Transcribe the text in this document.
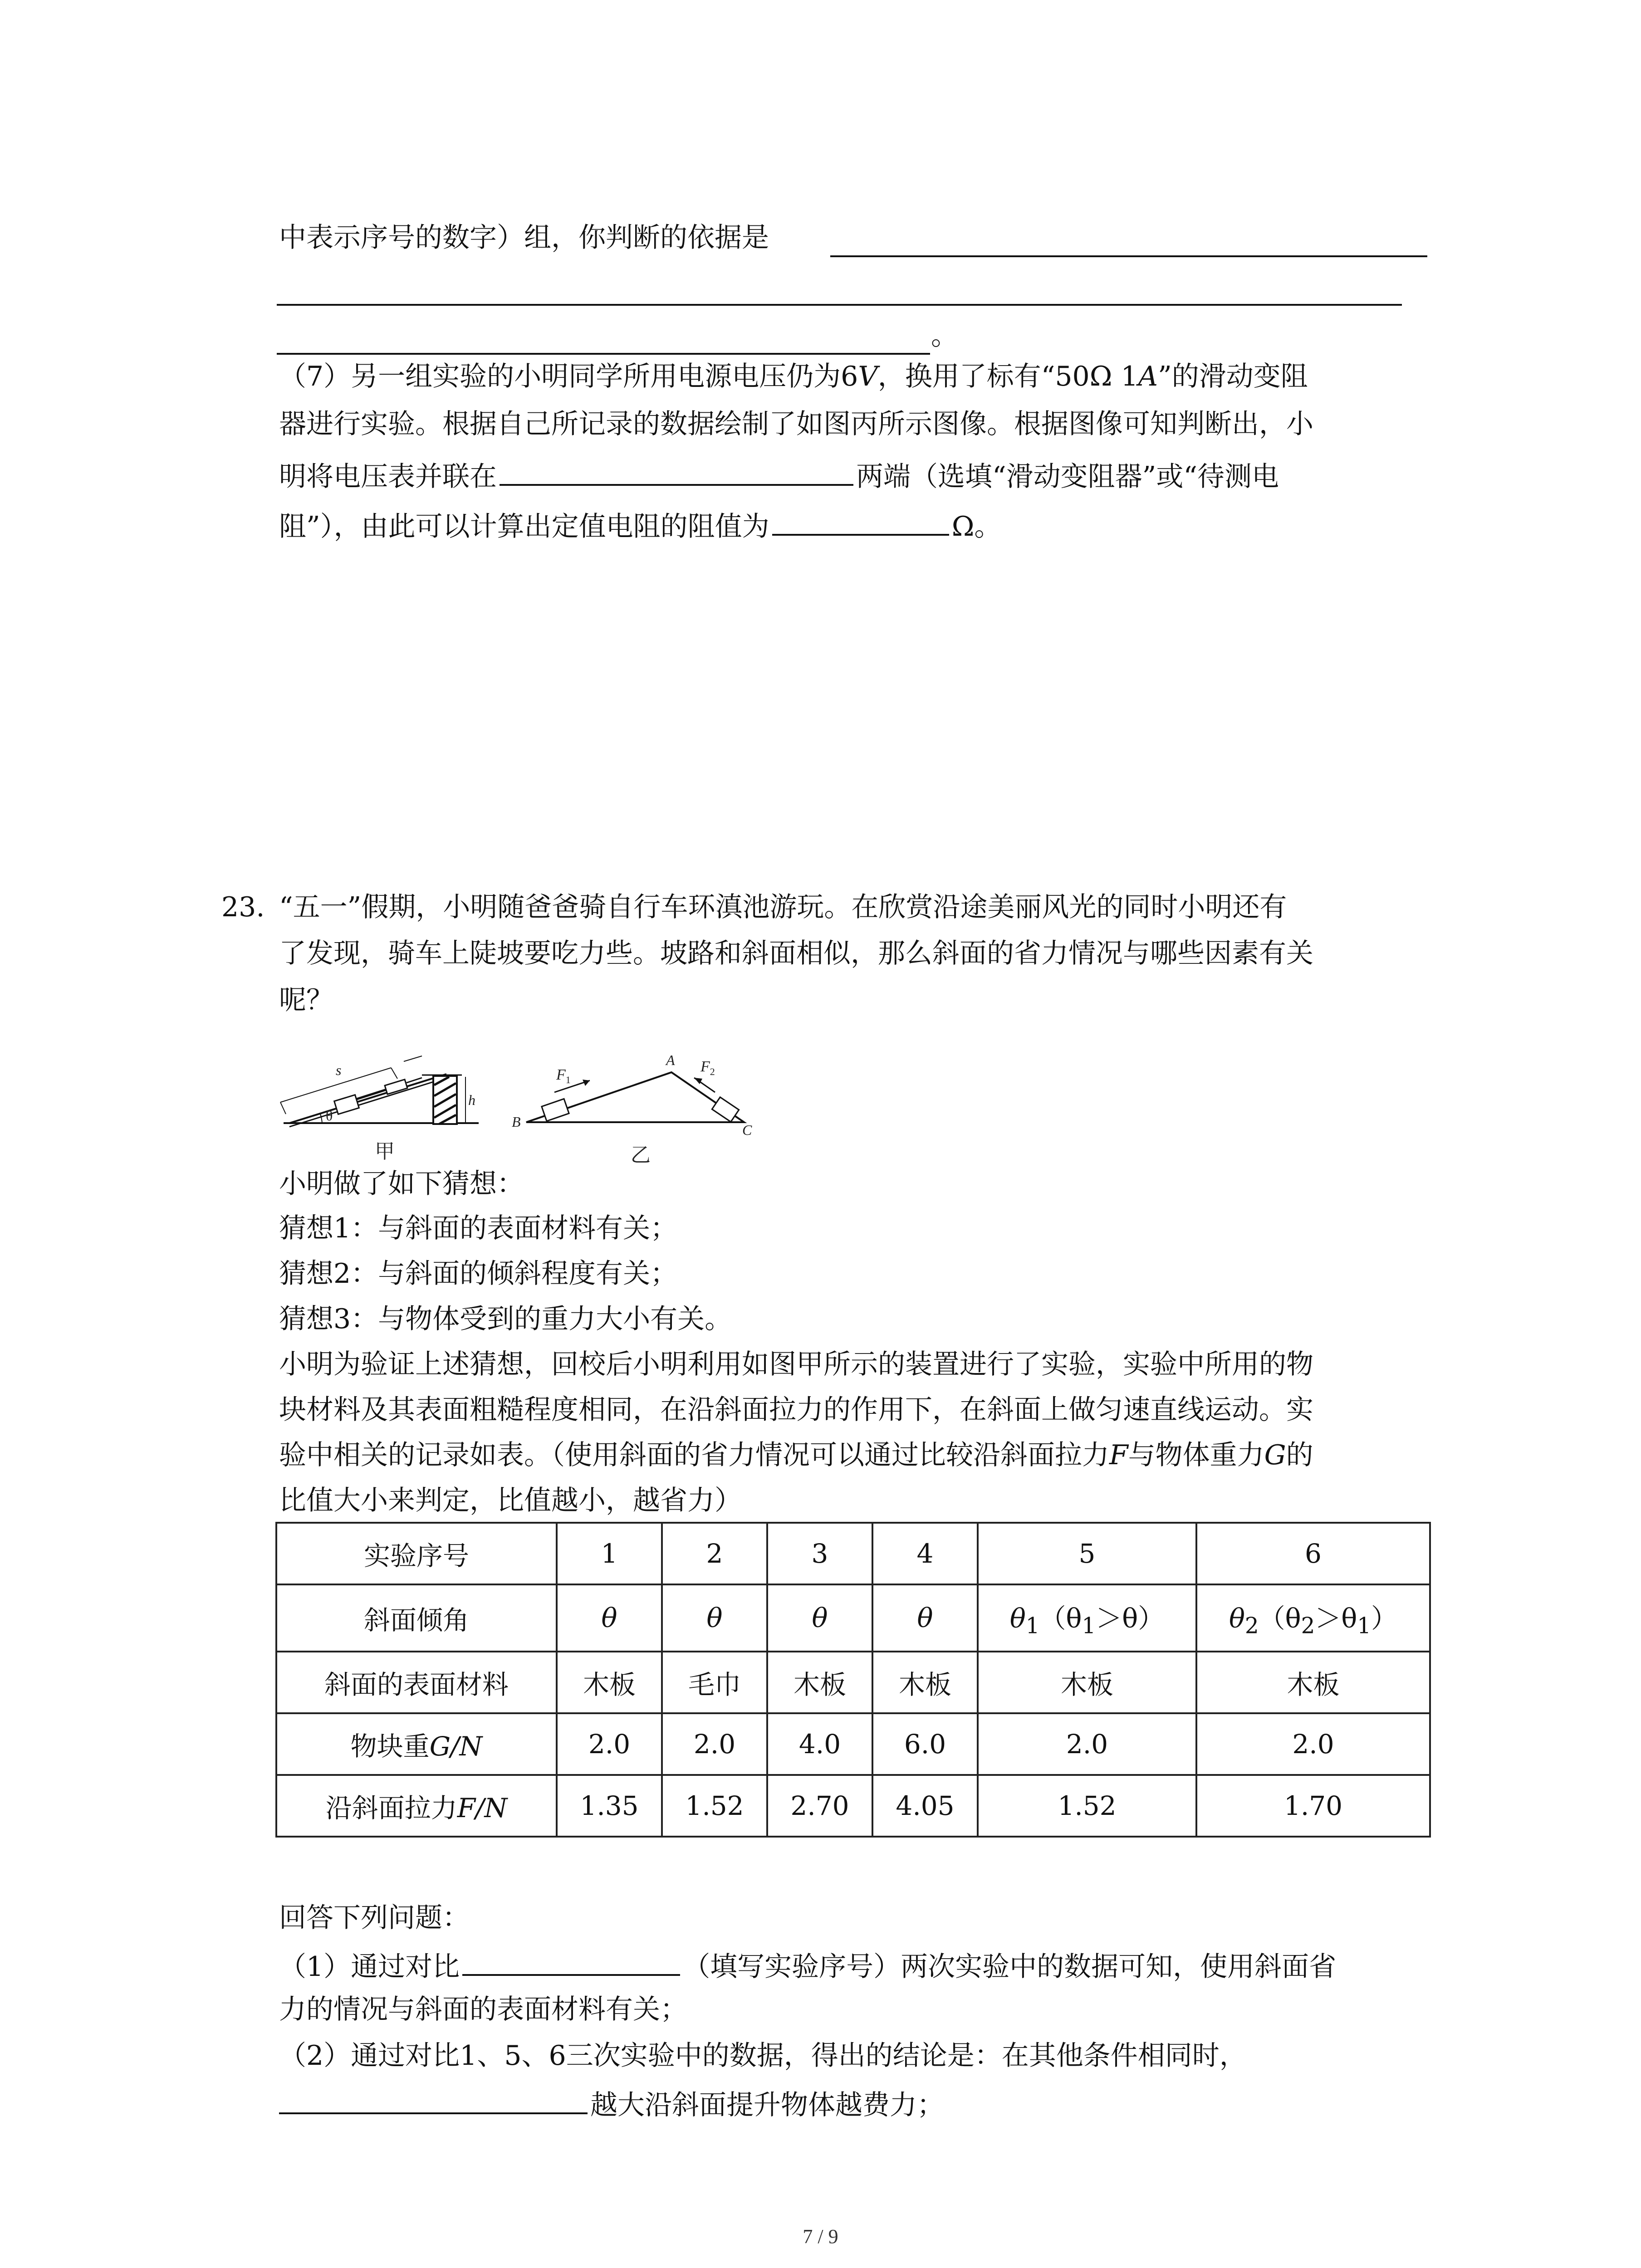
中表示序号的数字）组，你判断的依据是
。
（7）另一组实验的小明同学所用电源电压仍为6V，换用了标有“50Ω 1A”的滑动变阻
器进行实验。根据自己所记录的数据绘制了如图丙所示图像。根据图像可知判断出，小
明将电压表并联在	两端（选填“滑动变阻器”或“待测电
阻”），由此可以计算出定值电阻的阻值为	Ω。
23. “五一”假期，小明随爸爸骑自行车环滇池游玩。在欣赏沿途美丽风光的同时小明还有
了发现，骑车上陡坡要吃力些。坡路和斜面相似，那么斜面的省力情况与哪些因素有关
呢？
s
h
θ
A
B	C
$F_1$
$F_2$
甲	乙
小明做了如下猜想：
猜想1：与斜面的表面材料有关；
猜想2：与斜面的倾斜程度有关；
猜想3：与物体受到的重力大小有关。
小明为验证上述猜想，回校后小明利用如图甲所示的装置进行了实验，实验中所用的物
块材料及其表面粗糙程度相同，在沿斜面拉力的作用下，在斜面上做匀速直线运动。实
验中相关的记录如表。（使用斜面的省力情况可以通过比较沿斜面拉力F与物体重力G的
比值大小来判定，比值越小，越省力）
实验序号	1	2	3	4	5	6
斜面倾角	θ	θ	θ	θ	$\theta_1(\theta_1>\theta)$	$\theta_2(\theta_2>\theta_1)$
斜面的表面材料	木板	毛巾	木板	木板	木板	木板
物块重G/N	2.0	2.0	4.0	6.0	2.0	2.0
沿斜面拉力F/N	1.35	1.52	2.70	4.05	1.52	1.70
回答下列问题：
（1）通过对比	（填写实验序号）两次实验中的数据可知，使用斜面省
力的情况与斜面的表面材料有关；
（2）通过对比1、5、6三次实验中的数据，得出的结论是：在其他条件相同时，
越大沿斜面提升物体越费力；
7 / 9
